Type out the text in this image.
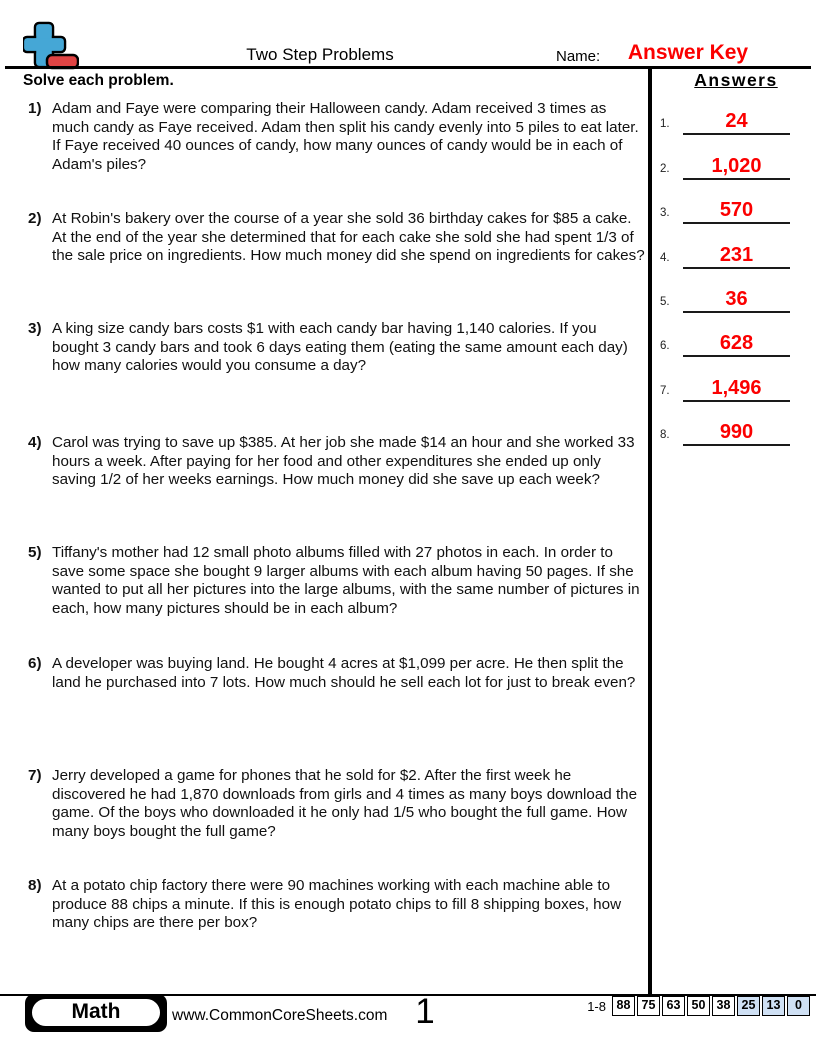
Two Step Problems	Name:	Answer Key
Solve each problem.
1) Adam and Faye were comparing their Halloween candy. Adam received 3 times as much candy as Faye received. Adam then split his candy evenly into 5 piles to eat later. If Faye received 40 ounces of candy, how many ounces of candy would be in each of Adam's piles?
2) At Robin's bakery over the course of a year she sold 36 birthday cakes for $85 a cake. At the end of the year she determined that for each cake she sold she had spent 1/3 of the sale price on ingredients. How much money did she spend on ingredients for cakes?
3) A king size candy bars costs $1 with each candy bar having 1,140 calories. If you bought 3 candy bars and took 6 days eating them (eating the same amount each day) how many calories would you consume a day?
4) Carol was trying to save up $385. At her job she made $14 an hour and she worked 33 hours a week. After paying for her food and other expenditures she ended up only saving 1/2 of her weeks earnings. How much money did she save up each week?
5) Tiffany's mother had 12 small photo albums filled with 27 photos in each. In order to save some space she bought 9 larger albums with each album having 50 pages. If she wanted to put all her pictures into the large albums, with the same number of pictures in each, how many pictures should be in each album?
6) A developer was buying land. He bought 4 acres at $1,099 per acre. He then split the land he purchased into 7 lots. How much should he sell each lot for just to break even?
7) Jerry developed a game for phones that he sold for $2. After the first week he discovered he had 1,870 downloads from girls and 4 times as many boys download the game. Of the boys who downloaded it he only had 1/5 who bought the full game. How many boys bought the full game?
8) At a potato chip factory there were 90 machines working with each machine able to produce 88 chips a minute. If this is enough potato chips to fill 8 shipping boxes, how many chips are there per box?
Answers
1.	24
2.	1,020
3.	570
4.	231
5.	36
6.	628
7.	1,496
8.	990
Math	www.CommonCoreSheets.com 1	1-8 88 75 63 50 38 25 13	0
